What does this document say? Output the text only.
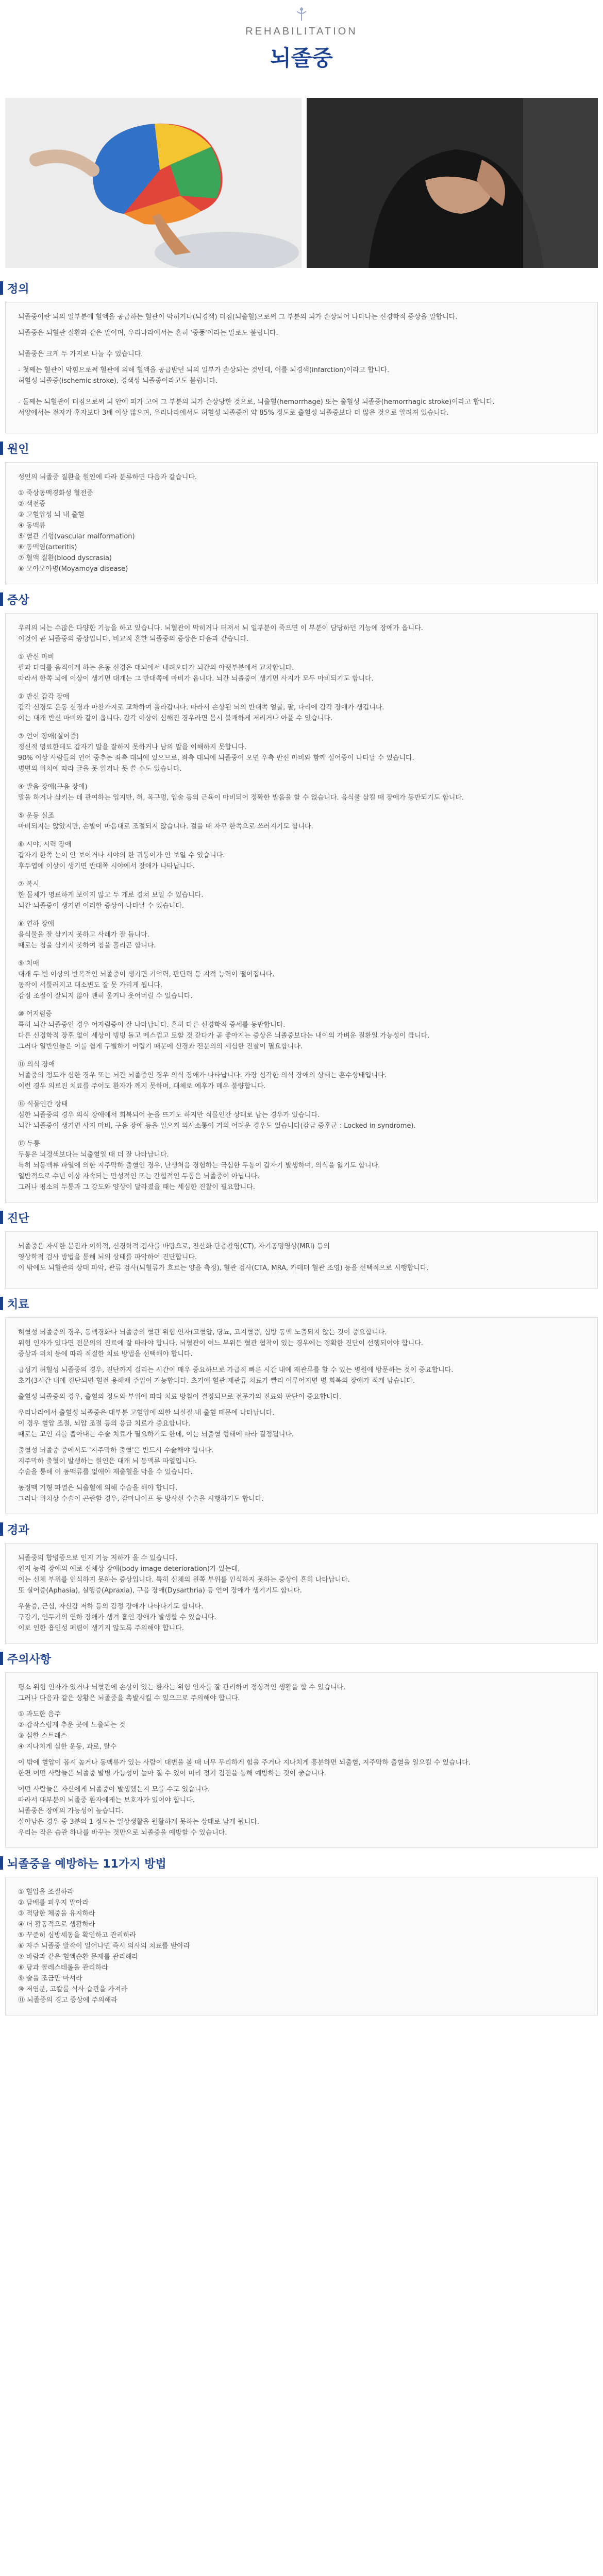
REHABILITATION
뇌졸중
정의

뇌졸중이란 뇌의 일부분에 혈액을 공급하는 혈관이 막히거나(뇌경색) 터짐(뇌출혈)으로써 그 부분의 뇌가 손상되어 나타나는 신경학적 증상을 말합니다.

뇌졸중은 뇌혈관 질환과 같은 말이며, 우리나라에서는 흔히 '중풍'이라는 말로도 불립니다.

뇌졸중은 크게 두 가지로 나눌 수 있습니다.

- 첫째는 혈관이 막힘으로써 혈관에 의해 혈액을 공급받던 뇌의 일부가 손상되는 것인데, 이를 뇌경색(infarction)이라고 합니다.

허혈성 뇌졸중(ischemic stroke), 경색성 뇌졸중이라고도 불립니다.

- 둘째는 뇌혈관이 터짐으로써 뇌 안에 피가 고여 그 부분의 뇌가 손상당한 것으로, 뇌출혈(hemorrhage) 또는 출혈성 뇌졸중(hemorrhagic stroke)이라고 합니다.

서양에서는 전자가 후자보다 3배 이상 많으며, 우리나라에서도 허혈성 뇌졸중이 약 85% 정도로 출혈성 뇌졸중보다 더 많은 것으로 알려져 있습니다.

원인

성인의 뇌졸중 질환을 원인에 따라 분류하면 다음과 같습니다.

① 죽상동맥경화성 혈전증
② 색전증
③ 고혈압성 뇌 내 출혈
④ 동맥류
⑤ 혈관 기형(vascular malformation)
⑥ 동맥염(arteritis)
⑦ 혈액 질환(blood dyscrasia)
⑧ 모야모야병(Moyamoya disease)
증상

우리의 뇌는 수많은 다양한 기능을 하고 있습니다. 뇌혈관이 막히거나 터져서 뇌 일부분이 죽으면 이 부분이 담당하던 기능에 장애가 옵니다.

이것이 곧 뇌졸중의 증상입니다. 비교적 흔한 뇌졸중의 증상은 다음과 같습니다.

① 반신 마비
팔과 다리를 움직이게 하는 운동 신경은 대뇌에서 내려오다가 뇌간의 아랫부분에서 교차합니다.
따라서 한쪽 뇌에 이상이 생기면 대개는 그 반대쪽에 마비가 옵니다. 뇌간 뇌졸중이 생기면 사지가 모두 마비되기도 합니다.
② 반신 감각 장애
감각 신경도 운동 신경과 마찬가지로 교차하여 올라갑니다. 따라서 손상된 뇌의 반대쪽 얼굴, 팔, 다리에 감각 장애가 생깁니다.
이는 대개 반신 마비와 같이 옵니다. 감각 이상이 심해진 경우라면 몸시 불쾌하게 저리거나 아플 수 있습니다.
③ 언어 장애(실어증)
정신적 명료한데도 갑자기 말을 잘하지 못하거나 남의 말을 이해하지 못합니다.
90% 이상 사람들의 언어 중추는 좌측 대뇌에 있으므로, 좌측 대뇌에 뇌졸중이 오면 우측 반신 마비와 함께 실어증이 나타날 수 있습니다.
병변의 위치에 따라 글을 못 읽거나 못 쓸 수도 있습니다.
④ 발음 장애(구음 장애)
말을 하거나 삼키는 데 관여하는 입지반, 혀, 목구멍, 입술 등의 근육이 마비되어 정확한 발음을 할 수 없습니다. 음식물 삼킬 때 장애가 동반되기도 합니다.
⑤ 운동 실조
마비되지는 않았지만, 손발이 마음대로 조절되지 않습니다. 걸을 때 자꾸 한쪽으로 쓰러지기도 합니다.
⑥ 시야, 시력 장애
갑자기 한쪽 눈이 안 보이거나 시야의 한 귀퉁이가 안 보일 수 있습니다.
후두엽에 이상이 생기면 반대쪽 시야에서 장애가 나타납니다.
⑦ 복시
한 물체가 명료하게 보이지 않고 두 개로 겹쳐 보일 수 있습니다.
뇌간 뇌졸중이 생기면 이러한 증상이 나타날 수 있습니다.
⑧ 연하 장애
음식물을 잘 삼키지 못하고 사레가 잘 듭니다.
때로는 침을 삼키지 못하여 침을 흘리곤 합니다.
⑨ 치매
대개 두 번 이상의 반복적인 뇌졸중이 생기면 기억력, 판단력 등 지적 능력이 떨어집니다.
동작이 서툴러지고 대소변도 잘 못 가리게 됩니다.
감정 조절이 잘되지 않아 괜히 울거나 웃어버릴 수 있습니다.
⑩ 어지럼증
특히 뇌간 뇌졸중인 경우 어지럼증이 잘 나타납니다. 흔히 다른 신경학적 증세를 동반합니다.
다른 신경학적 장후 없이 세상이 빙빙 돌고 메스껍고 토할 것 같다가 곧 좋아지는 증상은 뇌졸중보다는 내이의 가벼운 질환일 가능성이 큽니다.
그러나 일반인들은 이를 쉽게 구별하기 어렵기 때문에 신경과 전문의의 세심한 진찰이 필요합니다.
⑪ 의식 장애
뇌졸중의 정도가 심한 경우 또는 뇌간 뇌졸중인 경우 의식 장애가 나타납니다. 가장 심각한 의식 장애의 상태는 혼수상태입니다.
이런 경우 의료진 치료를 주어도 환자가 깨지 못하며, 대체로 예후가 매우 불량합니다.
⑫ 식물인간 상태
심한 뇌졸중의 경우 의식 장애에서 회복되어 눈을 뜨기도 하지만 식물인간 상태로 남는 경우가 있습니다.
뇌간 뇌졸중이 생기면 사지 마비, 구음 장애 등을 일으켜 의사소통이 거의 어려운 경우도 있습니다(감금 증후군 : Locked in syndrome).
⑬ 두통
두통은 뇌경색보다는 뇌출혈일 때 더 잘 나타납니다.
특히 뇌동맥류 파열에 의한 지주막하 출혈인 경우, 난생처음 경험하는 극심한 두통이 갑자기 발생하며, 의식을 잃기도 합니다.
일반적으로 수년 이상 자속되는 만성적인 또는 간헐적인 두통은 뇌졸중이 아닙니다.
그러나 평소의 두통과 그 강도와 양상이 달라졌을 때는 세심한 진찰이 필요합니다.
진단

뇌졸중은 자세한 문진과 이학적, 신경학적 검사를 바탕으로, 전산화 단층촬영(CT), 자기공명영상(MRI) 등의

영상학적 검사 방법을 통해 뇌의 상태를 파악하여 진단합니다.

이 밖에도 뇌혈관의 상태 파악, 관류 검사(뇌혈류가 흐르는 양을 측정), 혈관 검사(CTA, MRA, 카테터 혈관 조영) 등을 선택적으로 시행합니다.

치료
허혈성 뇌졸중의 경우, 동맥경화나 뇌졸중의 혈관 위험 인자(고혈압, 당뇨, 고지혈증, 심방 동맥 노출되지 않는 것이 중요합니다.
위험 인자가 있다면 전문의의 진료에 잘 따라야 합니다. 뇌혈관이 어느 부위든 혈관 협착이 있는 경우에는 정확한 진단이 선행되어야 합니다.
증상과 위치 등에 따라 적절한 치료 방법을 선택해야 합니다.
급성기 허혈성 뇌졸중의 경우, 진단까지 걸리는 시간이 매우 중요하므로 가급적 빠른 시간 내에 재관류를 할 수 있는 병원에 방문하는 것이 중요합니다.
초기(3시간 내에 진단되면 혈전 용해제 주입이 가능합니다. 초기에 혈관 재관류 치료가 빨리 이루어지면 병 회복의 장애가 적게 남습니다.
출혈성 뇌졸중의 경우, 출혈의 정도와 부위에 따라 치료 방침이 결정되므로 전문가의 진료와 판단이 중요합니다.
우리나라에서 출혈성 뇌졸중은 대부분 고혈압에 의한 뇌실질 내 출혈 때문에 나타납니다.
이 경우 혈압 조절, 뇌압 조절 등의 응급 치료가 중요합니다.
때로는 고인 피를 뽑아내는 수술 치료가 필요하기도 한데, 이는 뇌출혈 형태에 따라 결정됩니다.
출혈성 뇌졸중 중에서도 '지주막하 출혈'은 반드시 수술해야 합니다.
지주막하 출혈이 발생하는 원인은 대개 뇌 동맥류 파열입니다.
수술을 통해 이 동맥류를 없애야 재출혈을 막을 수 있습니다.
동정맥 기형 파열은 뇌출혈에 의해 수술을 해야 합니다.
그러나 위치상 수술이 곤란할 경우, 감마나이프 등 방사선 수술을 시행하기도 합니다.
경과
뇌졸중의 합병증으로 인지 기능 저하가 올 수 있습니다.
인지 능력 장애의 예로 신체상 장애(body image deterioration)가 있는데,
이는 신체 부위를 인식하지 못하는 증상입니다. 특히 신체의 왼쪽 부위를 인식하지 못하는 증상이 흔히 나타납니다.
또 실어증(Aphasia), 실행증(Apraxia), 구음 장애(Dysarthria) 등 언어 장애가 생기기도 합니다.
우울증, 근심, 자신감 저하 등의 감정 장애가 나타나기도 합니다.
구강기, 인두기의 연하 장애가 생겨 흡인 장애가 발생할 수 있습니다.
이로 인한 흡인성 폐렴이 생기지 않도록 주의해야 합니다.
주의사항
평소 위험 인자가 있거나 뇌혈관에 손상이 있는 환자는 위험 인자를 잘 관리하며 정상적인 생활을 할 수 있습니다.
그러나 다음과 같은 상황은 뇌졸중을 촉발시킬 수 있으므로 주의해야 합니다.
① 과도한 음주
② 갑작스럽게 추운 곳에 노출되는 것
③ 심한 스트레스
④ 지나치게 심한 운동, 과로, 탈수
이 밖에 혈압이 몹시 높거나 동맥류가 있는 사람이 대변을 볼 때 너무 무리하게 힘을 주거나 지나치게 흥분하면 뇌출혈, 지주막하 출혈을 일으킬 수 있습니다.
한편 어떤 사람들은 뇌졸중 발병 가능성이 높아 질 수 있어 미리 정기 검진을 통해 예방하는 것이 좋습니다.
어떤 사람들은 자신에게 뇌졸중이 발생했는지 모를 수도 있습니다.
따라서 대부분의 뇌졸중 환자에게는 보호자가 있어야 합니다.
뇌졸중은 장애의 가능성이 높습니다.
살아남은 경우 중 3분의 1 정도는 일상생활을 원활하게 못하는 상태로 남게 됩니다.
우리는 작은 습관 하나를 바꾸는 것만으로 뇌졸중을 예방할 수 있습니다.
뇌졸중을 예방하는 11가지 방법
① 혈압을 조절하라
② 담배를 피우지 말아라
③ 적당한 체중을 유지하라
④ 더 활동적으로 생활하라
⑤ 꾸준히 심방세동을 확인하고 관리하라
⑥ 자주 뇌졸중 발작이 일어나면 즉시 의사의 치료를 받아라
⑦ 바람과 같은 혈액순환 문제를 관리해라
⑧ 당과 콜레스테롤을 관리하라
⑨ 술을 조금만 마셔라
⑩ 저염분, 고칼륨 식사 습관을 가져라
⑪ 뇌졸중의 경고 증상에 주의해라
